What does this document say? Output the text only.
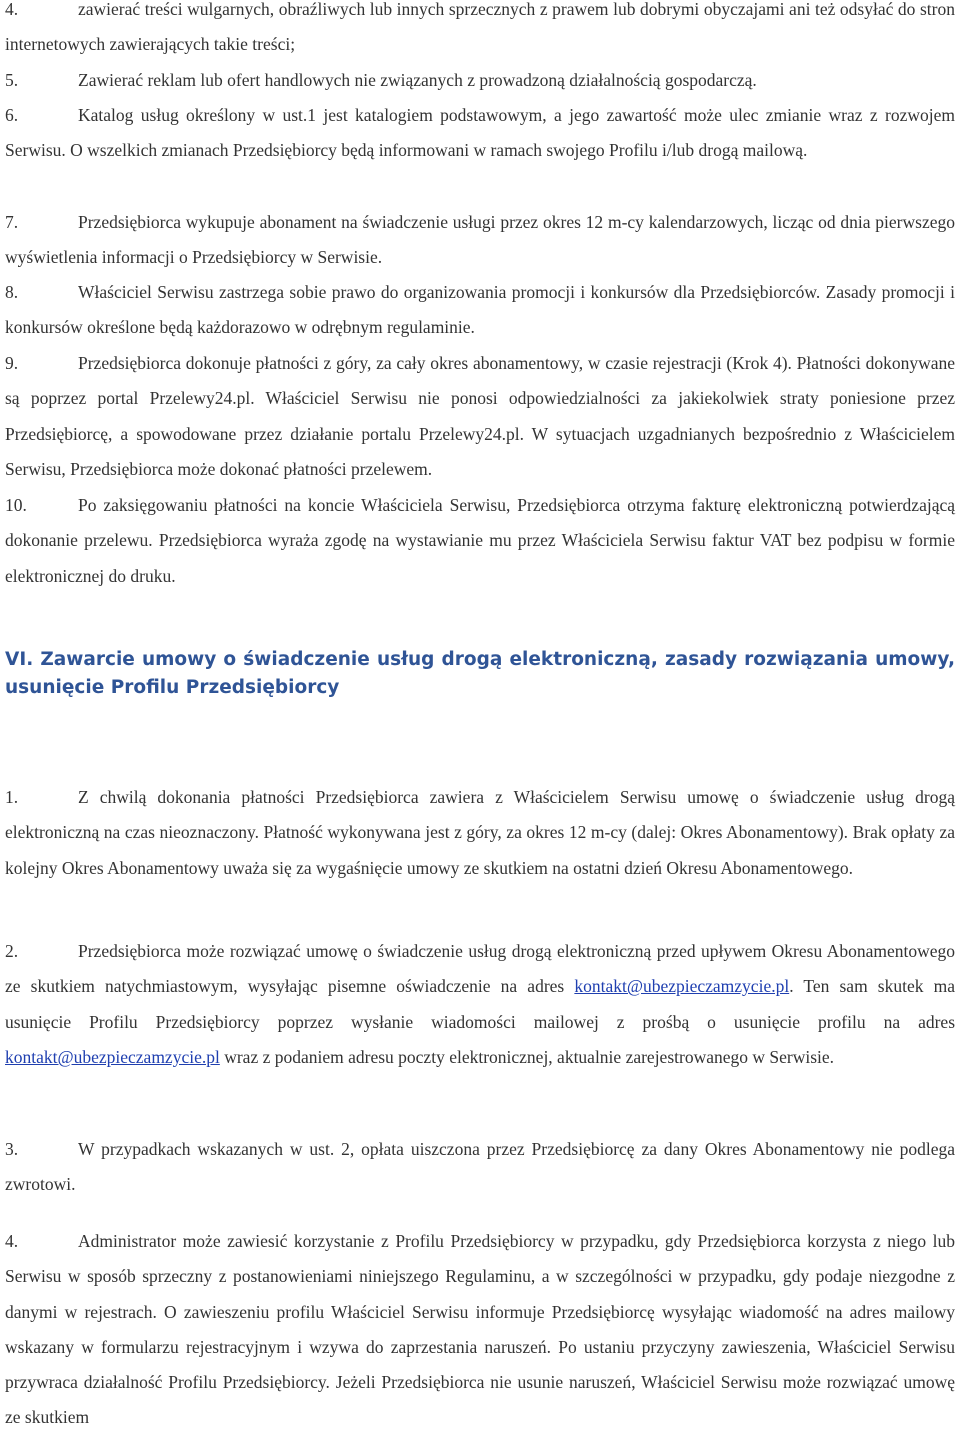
4.	zawierać treści wulgarnych, obraźliwych lub innych sprzecznych z prawem lub dobrymi obyczajami ani też odsyłać do stron internetowych zawierających takie treści;

5.	Zawierać reklam lub ofert handlowych nie związanych z prowadzoną działalnością gospodarczą.

6.	Katalog usług określony w ust.1 jest katalogiem podstawowym, a jego zawartość może ulec zmianie wraz z rozwojem Serwisu. O wszelkich zmianach Przedsiębiorcy będą informowani w ramach swojego Profilu i/lub drogą mailową.

7.	Przedsiębiorca wykupuje abonament na świadczenie usługi przez okres 12 m-cy kalendarzowych, licząc od dnia pierwszego wyświetlenia informacji o Przedsiębiorcy w Serwisie.

8.	Właściciel Serwisu zastrzega sobie prawo do organizowania promocji i konkursów dla Przedsiębiorców. Zasady promocji i konkursów określone będą każdorazowo w odrębnym regulaminie.

9.	Przedsiębiorca dokonuje płatności z góry, za cały okres abonamentowy, w czasie rejestracji (Krok 4). Płatności dokonywane są poprzez portal Przelewy24.pl. Właściciel Serwisu nie ponosi odpowiedzialności za jakiekolwiek straty poniesione przez Przedsiębiorcę, a spowodowane przez działanie portalu Przelewy24.pl. W sytuacjach uzgadnianych bezpośrednio z Właścicielem Serwisu, Przedsiębiorca może dokonać płatności przelewem.

10.	Po zaksięgowaniu płatności na koncie Właściciela Serwisu, Przedsiębiorca otrzyma fakturę elektroniczną potwierdzającą dokonanie przelewu. Przedsiębiorca wyraża zgodę na wystawianie mu przez Właściciela Serwisu faktur VAT bez podpisu w formie elektronicznej do druku.

VI. Zawarcie umowy o świadczenie usług drogą elektroniczną, zasady rozwiązania umowy, usunięcie Profilu Przedsiębiorcy

1.	Z chwilą dokonania płatności Przedsiębiorca zawiera z Właścicielem Serwisu umowę o świadczenie usług drogą elektroniczną na czas nieoznaczony. Płatność wykonywana jest z góry, za okres 12 m-cy (dalej: Okres Abonamentowy). Brak opłaty za kolejny Okres Abonamentowy uważa się za wygaśnięcie umowy ze skutkiem na ostatni dzień Okresu Abonamentowego.

2.	Przedsiębiorca może rozwiązać umowę o świadczenie usług drogą elektroniczną przed upływem Okresu Abonamentowego ze skutkiem natychmiastowym, wysyłając pisemne oświadczenie na adres kontakt@ubezpieczamzycie.pl. Ten sam skutek ma usunięcie Profilu Przedsiębiorcy poprzez wysłanie wiadomości mailowej z prośbą o usunięcie profilu na adres kontakt@ubezpieczamzycie.pl wraz z podaniem adresu poczty elektronicznej, aktualnie zarejestrowanego w Serwisie.

3.	W przypadkach wskazanych w ust. 2, opłata uiszczona przez Przedsiębiorcę za dany Okres Abonamentowy nie podlega zwrotowi.

4.	Administrator może zawiesić korzystanie z Profilu Przedsiębiorcy w przypadku, gdy Przedsiębiorca korzysta z niego lub Serwisu w sposób sprzeczny z postanowieniami niniejszego Regulaminu, a w szczególności w przypadku, gdy podaje niezgodne z danymi w rejestrach. O zawieszeniu profilu Właściciel Serwisu informuje Przedsiębiorcę wysyłając wiadomość na adres mailowy wskazany w formularzu rejestracyjnym i wzywa do zaprzestania naruszeń. Po ustaniu przyczyny zawieszenia, Właściciel Serwisu przywraca działalność Profilu Przedsiębiorcy. Jeżeli Przedsiębiorca nie usunie naruszeń, Właściciel Serwisu może rozwiązać umowę ze skutkiem
